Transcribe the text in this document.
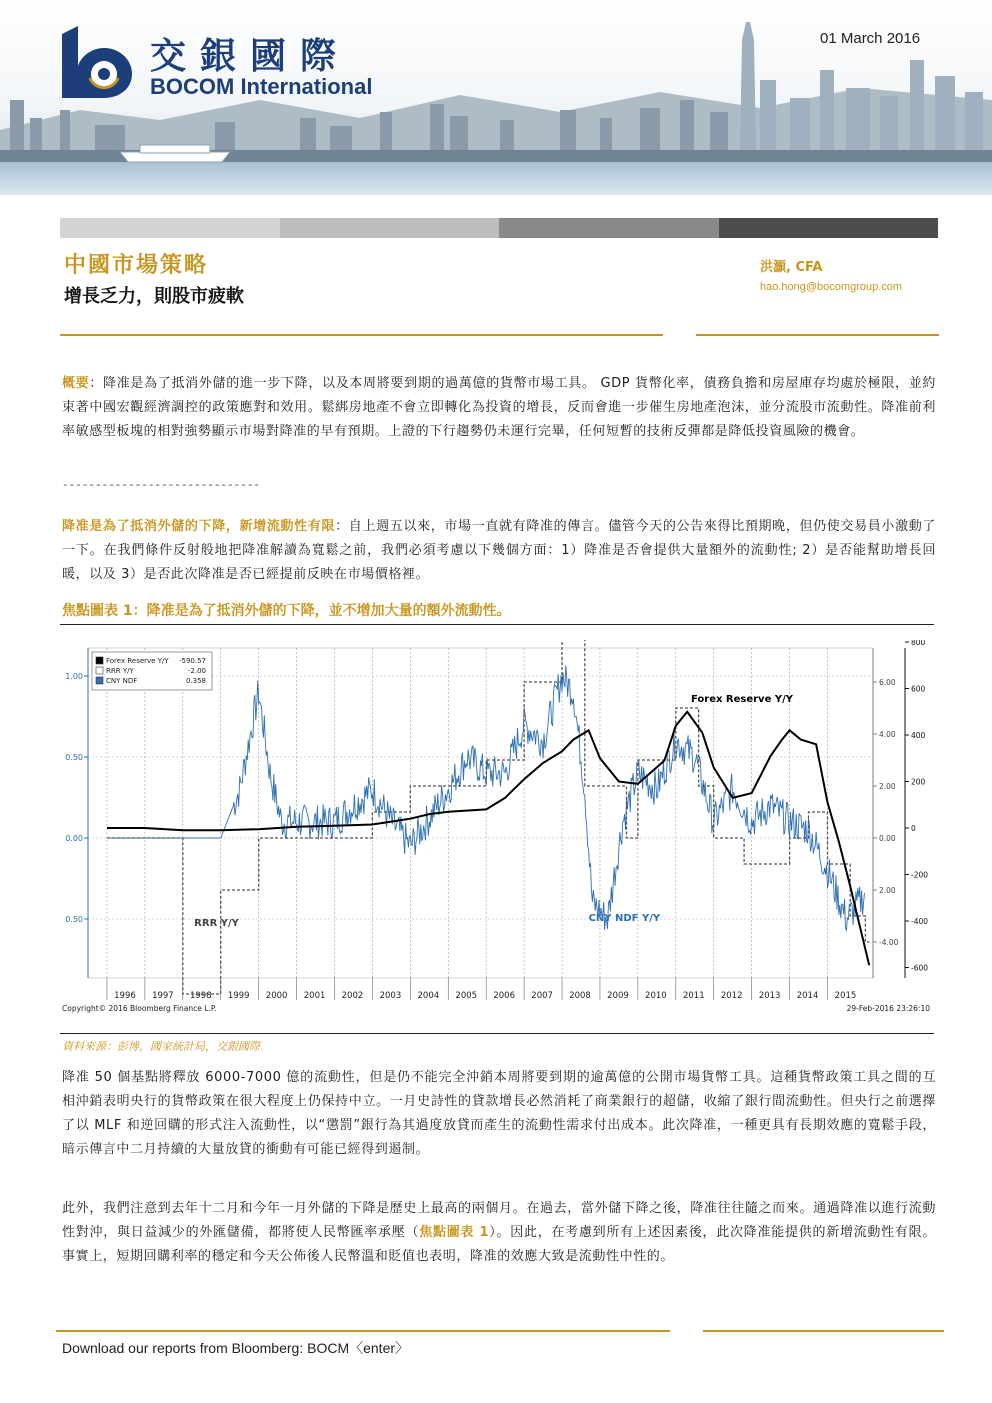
交銀國際
BOCOM International
01 March 2016
中國市場策略
增長乏力，則股市疲軟
洪灝, CFA
hao.hong@bocomgroup.com
概要：降准是為了抵消外儲的進一步下降，以及本周將要到期的過萬億的貨幣市場工具。 GDP 貨幣化率，債務負擔和房屋庫存均處於極限，並約束著中國宏觀經濟調控的政策應對和效用。鬆綁房地產不會立即轉化為投資的增長，反而會進一步催生房地產泡沫，並分流股市流動性。降准前利率敏感型板塊的相對強勢顯示市場對降准的早有預期。上證的下行趨勢仍未運行完畢，任何短暫的技術反彈都是降低投資風險的機會。
------------------------------
降准是為了抵消外儲的下降，新增流動性有限：自上週五以來，市場一直就有降准的傳言。儘管今天的公告來得比預期晚，但仍使交易員小激動了一下。在我們條件反射般地把降准解讀為寬鬆之前，我們必須考慮以下幾個方面：1）降准是否會提供大量額外的流動性; 2）是否能幫助增長回暖，以及 3）是否此次降准是否已經提前反映在市場價格裡。
焦點圖表 1：降准是為了抵消外儲的下降，並不增加大量的額外流動性。
1.00
0.50
0.00
0.50
6.00
4.00
2.00
0.00
2.00
-4.00
800
600
400
200
0
-200
-400
-600
1996 1997 1998 1999 2000 2001 2002 2003 2004 2005 2006 2007 2008 2009 2010 2011 2012 2013 2014 2015
Forex Reserve Y/Y -590.57
RRR Y/Y	-2.00
CNY NDF	0.358
Forex Reserve Y/Y
RRR Y/Y	CNY NDF Y/Y
Copyright© 2016 Bloomberg Finance L.P.	29-Feb-2016 23:26:10
資料來源：彭博，國家統計局，交銀國際
降准 50 個基點將釋放 6000-7000 億的流動性，但是仍不能完全沖銷本周將要到期的逾萬億的公開市場貨幣工具。這種貨幣政策工具之間的互相沖銷表明央行的貨幣政策在很大程度上仍保持中立。一月史詩性的貸款增長必然消耗了商業銀行的超儲，收縮了銀行間流動性。但央行之前選擇了以 MLF 和逆回購的形式注入流動性，以“懲罰”銀行為其過度放貸而產生的流動性需求付出成本。此次降准，一種更具有長期效應的寬鬆手段，暗示傳言中二月持續的大量放貸的衝動有可能已經得到遏制。
此外，我們注意到去年十二月和今年一月外儲的下降是歷史上最高的兩個月。在過去，當外儲下降之後，降准往往隨之而來。通過降准以進行流動性對沖，與日益減少的外匯儲備，都將使人民幣匯率承壓（焦點圖表 1）。因此，在考慮到所有上述因素後，此次降准能提供的新增流動性有限。事實上，短期回購利率的穩定和今天公佈後人民幣溫和貶值也表明，降准的效應大致是流動性中性的。
Download our reports from Bloomberg: BOCM〈enter〉
